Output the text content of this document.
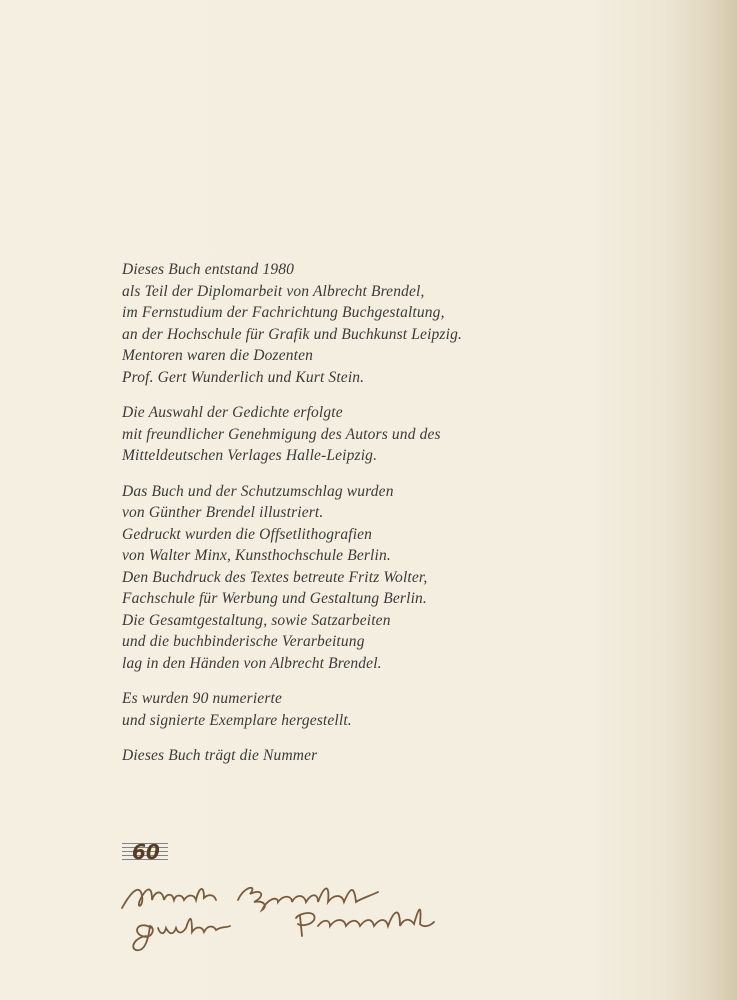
Dieses Buch entstand 1980
als Teil der Diplomarbeit von Albrecht Brendel,
im Fernstudium der Fachrichtung Buchgestaltung,
an der Hochschule für Grafik und Buchkunst Leipzig.
Mentoren waren die Dozenten
Prof. Gert Wunderlich und Kurt Stein.

Die Auswahl der Gedichte erfolgte
mit freundlicher Genehmigung des Autors und des
Mitteldeutschen Verlages Halle-Leipzig.

Das Buch und der Schutzumschlag wurden
von Günther Brendel illustriert.
Gedruckt wurden die Offsetlithografien
von Walter Minx, Kunsthochschule Berlin.
Den Buchdruck des Textes betreute Fritz Wolter,
Fachschule für Werbung und Gestaltung Berlin.
Die Gesamtgestaltung, sowie Satzarbeiten
und die buchbinderische Verarbeitung
lag in den Händen von Albrecht Brendel.

Es wurden 90 numerierte
und signierte Exemplare hergestellt.

Dieses Buch trägt die Nummer

60
